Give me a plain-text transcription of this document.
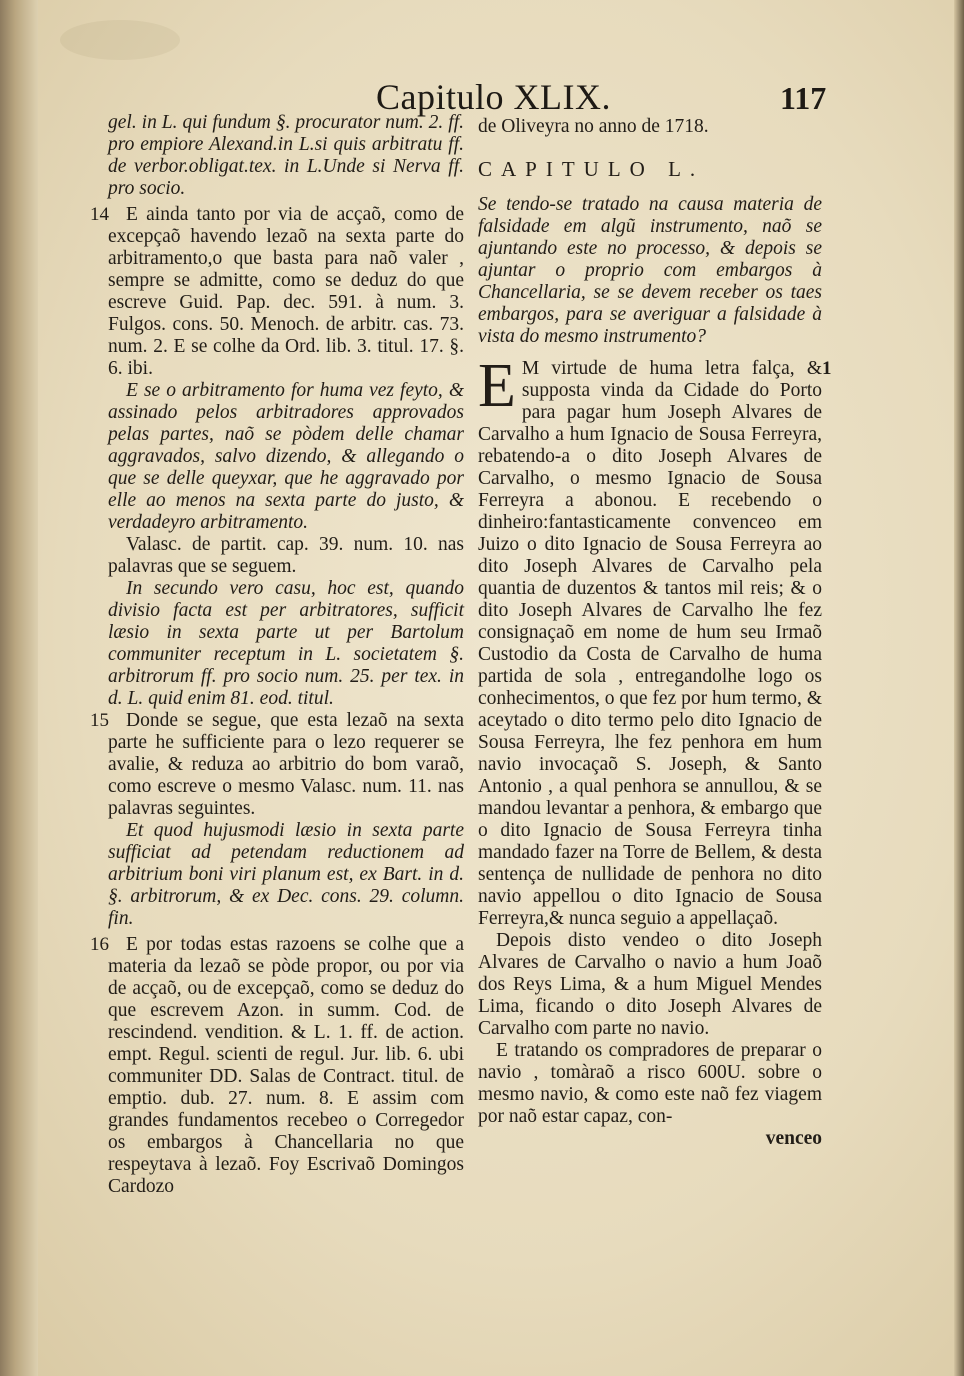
Capitulo XLIX.	117

gel. in L. qui fundum §. procurator num. 2. ff. pro empiore Alexand.in L.si quis arbitratu ff. de verbor.obligat.tex. in L.Unde si Nerva ff. pro socio.

14 E ainda tanto por via de acçaõ, como de excepçaõ havendo lezaõ na sexta parte do arbitramento,o que basta para naõ valer , sempre se admitte, como se deduz do que escreve Guid. Pap. dec. 591. à num. 3. Fulgos. cons. 50. Menoch. de arbitr. cas. 73. num. 2. E se colhe da Ord. lib. 3. titul. 17. §. 6. ibi.

E se o arbitramento for huma vez feyto, & assinado pelos arbitradores approvados pelas partes, naõ se pòdem delle chamar aggravados, salvo dizendo, & allegando o que se delle queyxar, que he aggravado por elle ao menos na sexta parte do justo, & verdadeyro arbitramento.

Valasc. de partit. cap. 39. num. 10. nas palavras que se seguem.

In secundo vero casu, hoc est, quando divisio facta est per arbitratores, sufficit læsio in sexta parte ut per Bartolum communiter receptum in L. societatem §. arbitrorum ff. pro socio num. 25. per tex. in d. L. quid enim 81. eod. titul.

15 Donde se segue, que esta lezaõ na sexta parte he sufficiente para o lezo requerer se avalie, & reduza ao arbitrio do bom varaõ, como escreve o mesmo Valasc. num. 11. nas palavras seguintes.

Et quod hujusmodi læsio in sexta parte sufficiat ad petendam reductionem ad arbitrium boni viri planum est, ex Bart. in d. §. arbitrorum, & ex Dec. cons. 29. column. fin.

16 E por todas estas razoens se colhe que a materia da lezaõ se pòde propor, ou por via de acçaõ, ou de excepçaõ, como se deduz do que escrevem Azon. in summ. Cod. de rescindend. vendition. & L. 1. ff. de action. empt. Regul. scienti de regul. Jur. lib. 6. ubi communiter DD. Salas de Contract. titul. de emptio. dub. 27. num. 8. E assim com grandes fundamentos recebeo o Corregedor os embargos à Chancellaria no que respeytava à lezaõ. Foy Escrivaõ Domingos Cardozo

de Oliveyra no anno de 1718.

CAPITULO L.

Se tendo-se tratado na causa materia de falsidade em algũ instrumento, naõ se ajuntando este no processo, & depois se ajuntar o proprio com embargos à Chancellaria, se se devem receber os taes embargos, para se averiguar a falsidade à vista do mesmo instrumento?

1
E M virtude de huma letra falça, & supposta vinda da Cidade do Porto para pagar hum Joseph Alvares de Carvalho a hum Ignacio de Sousa Ferreyra, rebatendo-a o dito Joseph Alvares de Carvalho, o mesmo Ignacio de Sousa Ferreyra a abonou. E recebendo o dinheiro:fantasticamente convenceo em Juizo o dito Ignacio de Sousa Ferreyra ao dito Joseph Alvares de Carvalho pela quantia de duzentos & tantos mil reis; & o dito Joseph Alvares de Carvalho lhe fez consignaçaõ em nome de hum seu Irmaõ Custodio da Costa de Carvalho de huma partida de sola , entregandolhe logo os conhecimentos, o que fez por hum termo, & aceytado o dito termo pelo dito Ignacio de Sousa Ferreyra, lhe fez penhora em hum navio invocaçaõ S. Joseph, & Santo Antonio , a qual penhora se annullou, & se mandou levantar a penhora, & embargo que o dito Ignacio de Sousa Ferreyra tinha mandado fazer na Torre de Bellem, & desta sentença de nullidade de penhora no dito navio appellou o dito Ignacio de Sousa Ferreyra,& nunca seguio a appellaçaõ.

Depois disto vendeo o dito Joseph Alvares de Carvalho o navio a hum Joaõ dos Reys Lima, & a hum Miguel Mendes Lima, ficando o dito Joseph Alvares de Carvalho com parte no navio.

E tratando os compradores de preparar o navio , tomàraõ a risco 600U. sobre o mesmo navio, & como este naõ fez viagem por naõ estar capaz, con-

venceo
